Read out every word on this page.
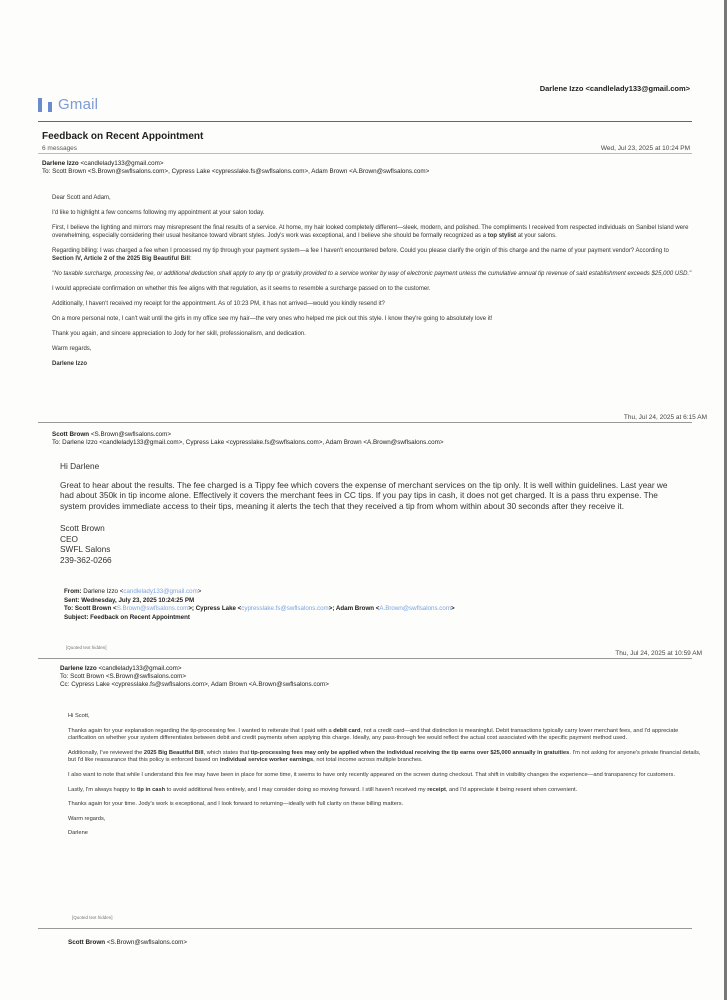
Gmail
Darlene Izzo <candlelady133@gmail.com>
Feedback on Recent Appointment
6 messages
Darlene Izzo <candlelady133@gmail.com>
To: Scott Brown <S.Brown@swflsalons.com>, Cypress Lake <cypresslake.fs@swflsalons.com>, Adam Brown <A.Brown@swflsalons.com>
Wed, Jul 23, 2025 at 10:24 PM

Dear Scott and Adam,

I'd like to highlight a few concerns following my appointment at your salon today.

First, I believe the lighting and mirrors may misrepresent the final results of a service. At home, my hair looked completely different—sleek, modern, and polished. The compliments I received from respected individuals on Sanibel Island were overwhelming, especially considering their usual hesitance toward vibrant styles. Jody's work was exceptional, and I believe she should be formally recognized as a top stylist at your salons.

Regarding billing: I was charged a fee when I processed my tip through your payment system—a fee I haven't encountered before. Could you please clarify the origin of this charge and the name of your payment vendor? According to Section IV, Article 2 of the 2025 Big Beautiful Bill:

"No taxable surcharge, processing fee, or additional deduction shall apply to any tip or gratuity provided to a service worker by way of electronic payment unless the cumulative annual tip revenue of said establishment exceeds $25,000 USD."

I would appreciate confirmation on whether this fee aligns with that regulation, as it seems to resemble a surcharge passed on to the customer.

Additionally, I haven't received my receipt for the appointment. As of 10:23 PM, it has not arrived—would you kindly resend it?

On a more personal note, I can't wait until the girls in my office see my hair—the very ones who helped me pick out this style. I know they're going to absolutely love it!

Thank you again, and sincere appreciation to Jody for her skill, professionalism, and dedication.

Warm regards,

Darlene Izzo

Scott Brown <S.Brown@swflsalons.com>
To: Darlene Izzo <candlelady133@gmail.com>, Cypress Lake <cypresslake.fs@swflsalons.com>, Adam Brown <A.Brown@swflsalons.com>
Thu, Jul 24, 2025 at 6:15 AM

Hi Darlene

Great to hear about the results. The fee charged is a Tippy fee which covers the expense of merchant services on the tip only. It is well within guidelines. Last year we had about 350k in tip income alone. Effectively it covers the merchant fees in CC tips. If you pay tips in cash, it does not get charged. It is a pass thru expense. The system provides immediate access to their tips, meaning it alerts the tech that they received a tip from whom within about 30 seconds after they receive it.

Scott Brown
CEO
SWFL Salons
239-362-0266
From: Darlene Izzo <candlelady133@gmail.com>
Sent: Wednesday, July 23, 2025 10:24:25 PM
To: Scott Brown <S.Brown@swflsalons.com>; Cypress Lake <cypresslake.fs@swflsalons.com>; Adam Brown <A.Brown@swflsalons.com>
Subject: Feedback on Recent Appointment
[Quoted text hidden]
Darlene Izzo <candlelady133@gmail.com>
To: Scott Brown <S.Brown@swflsalons.com>
Cc: Cypress Lake <cypresslake.fs@swflsalons.com>, Adam Brown <A.Brown@swflsalons.com>
Thu, Jul 24, 2025 at 10:59 AM

Hi Scott,

Thanks again for your explanation regarding the tip-processing fee. I wanted to reiterate that I paid with a debit card, not a credit card—and that distinction is meaningful. Debit transactions typically carry lower merchant fees, and I'd appreciate clarification on whether your system differentiates between debit and credit payments when applying this charge. Ideally, any pass-through fee would reflect the actual cost associated with the specific payment method used.

Additionally, I've reviewed the 2025 Big Beautiful Bill, which states that tip-processing fees may only be applied when the individual receiving the tip earns over $25,000 annually in gratuities. I'm not asking for anyone's private financial details, but I'd like reassurance that this policy is enforced based on individual service worker earnings, not total income across multiple branches.

I also want to note that while I understand this fee may have been in place for some time, it seems to have only recently appeared on the screen during checkout. That shift in visibility changes the experience—and transparency for customers.

Lastly, I'm always happy to tip in cash to avoid additional fees entirely, and I may consider doing so moving forward. I still haven't received my receipt, and I'd appreciate it being resent when convenient.

Thanks again for your time. Jody's work is exceptional, and I look forward to returning—ideally with full clarity on these billing matters.

Warm regards,

Darlene

[Quoted text hidden]
Scott Brown <S.Brown@swflsalons.com>
